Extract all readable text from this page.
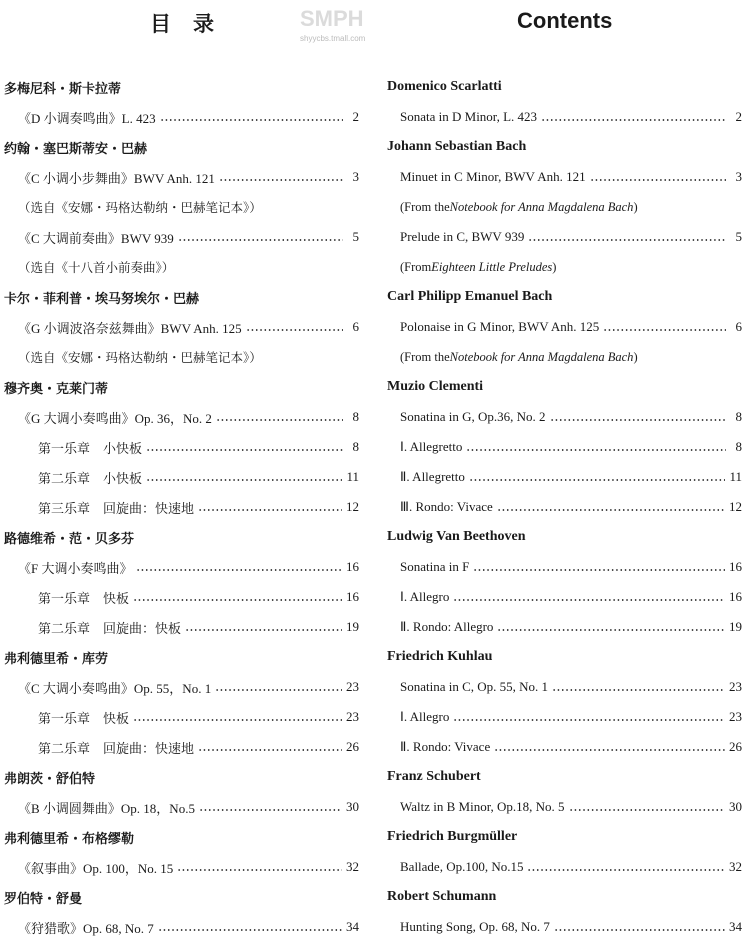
目录	Contents
多梅尼科・斯卡拉蒂
《D 小调奏鸣曲》L. 423	2
约翰・塞巴斯蒂安・巴赫
《C 小调小步舞曲》BWV Anh. 121	3
（选自《安娜・玛格达勒纳・巴赫笔记本》）
《C 大调前奏曲》BWV 939	5
（选自《十八首小前奏曲》）
卡尔・菲利普・埃马努埃尔・巴赫
《G 小调波洛奈兹舞曲》BWV Anh. 125	6
（选自《安娜・玛格达勒纳・巴赫笔记本》）
穆齐奥・克莱门蒂
《G 大调小奏鸣曲》Op. 36，No. 2	8
第一乐章　小快板	8
第二乐章　小快板	11
第三乐章　回旋曲：快速地	12
路德维希・范・贝多芬
《F 大调小奏鸣曲》	16
第一乐章　快板	16
第二乐章　回旋曲：快板	19
弗利德里希・库劳
《C 大调小奏鸣曲》Op. 55，No. 1	23
第一乐章　快板	23
第二乐章　回旋曲：快速地	26
弗朗茨・舒伯特
《B 小调圆舞曲》Op. 18，No.5	30
弗利德里希・布格缪勒
《叙事曲》Op. 100，No. 15	32
罗伯特・舒曼
《狩猎歌》Op. 68, No. 7	34
Domenico Scarlatti
Sonata in D Minor, L. 423	2
Johann Sebastian Bach
Minuet in C Minor, BWV Anh. 121	3
(From the Notebook for Anna Magdalena Bach )
Prelude in C, BWV 939	5
(From Eighteen Little Preludes )
Carl Philipp Emanuel Bach
Polonaise in G Minor, BWV Anh. 125	6
(From the Notebook for Anna Magdalena Bach )
Muzio Clementi
Sonatina in G, Op.36, No. 2	8
Ⅰ. Allegretto	8
Ⅱ. Allegretto	11
Ⅲ. Rondo: Vivace	12
Ludwig Van Beethoven
Sonatina in F	16
Ⅰ. Allegro	16
Ⅱ. Rondo: Allegro	19
Friedrich Kuhlau
Sonatina in C, Op. 55, No. 1	23
Ⅰ. Allegro	23
Ⅱ. Rondo: Vivace	26
Franz Schubert
Waltz in B Minor, Op.18, No. 5	30
Friedrich Burgmüller
Ballade, Op.100, No.15	32
Robert Schumann
Hunting Song, Op. 68, No. 7	34
SMPH
shyycbs.tmall.com
